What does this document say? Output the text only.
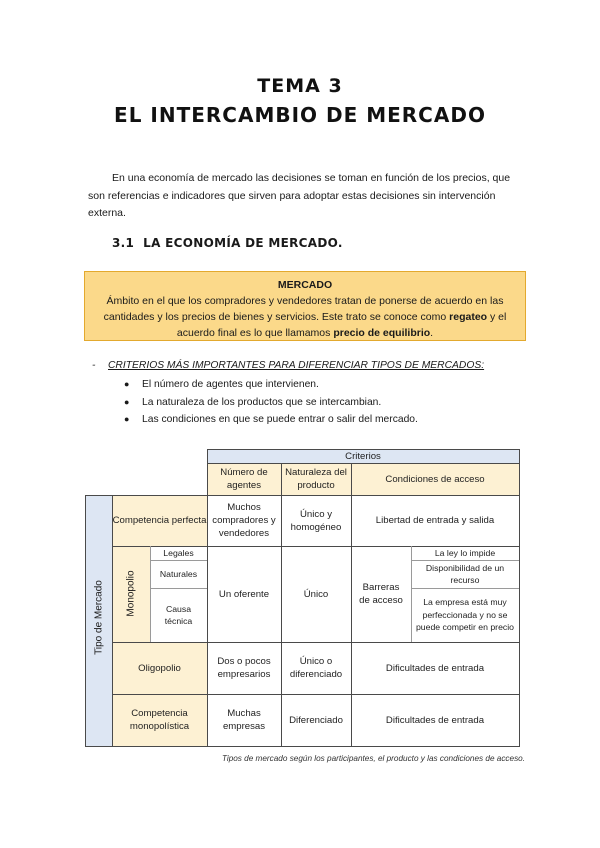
TEMA 3
EL INTERCAMBIO DE MERCADO
En una economía de mercado las decisiones se toman en función de los precios, que son referencias e indicadores que sirven para adoptar estas decisiones sin intervención externa.
3.1 LA ECONOMÍA DE MERCADO.
MERCADO
Ámbito en el que los compradores y vendedores tratan de ponerse de acuerdo en las cantidades y los precios de bienes y servicios. Este trato se conoce como regateo y el acuerdo final es lo que llamamos precio de equilibrio.
- CRITERIOS MÁS IMPORTANTES PARA DIFERENCIAR TIPOS DE MERCADOS:
● El número de agentes que intervienen.
● La naturaleza de los productos que se intercambian.
● Las condiciones en que se puede entrar o salir del mercado.
Criterios
Número de agentes
Naturaleza del producto
Condiciones de acceso
Tipo de Mercado
Competencia perfecta
Monopolio
Oligopolio
Competencia monopolística
Legales
Naturales
Causa técnica
Muchos compradores y vendedores
Único y homogéneo
Libertad de entrada y salida
Un oferente	Único
Barreras de acceso
La ley lo impide
Disponibilidad de un recurso
La empresa está muy perfeccionada y no se puede competir en precio
Dos o pocos empresarios
Único o diferenciado
Dificultades de entrada
Muchas empresas
Diferenciado	Dificultades de entrada
Tipos de mercado según los participantes, el producto y las condiciones de acceso.
